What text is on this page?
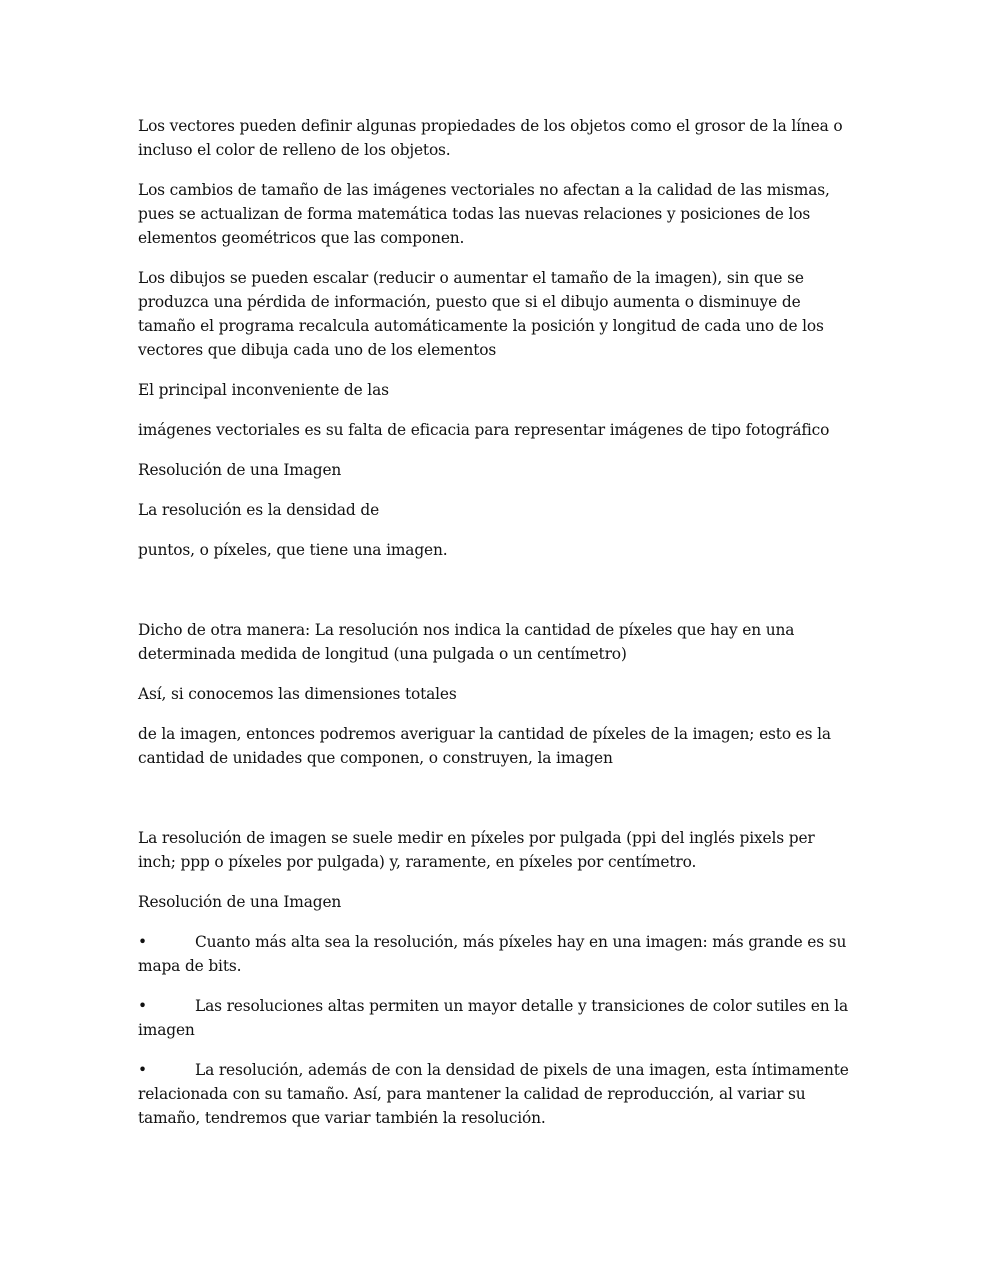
Los vectores pueden definir algunas propiedades de los objetos como el grosor de la línea o incluso el color de relleno de los objetos.

Los cambios de tamaño de las imágenes vectoriales no afectan a la calidad de las mismas, pues se actualizan de forma matemática todas las nuevas relaciones y posiciones de los elementos geométricos que las componen.

Los dibujos se pueden escalar (reducir o aumentar el tamaño de la imagen), sin que se produzca una pérdida de información, puesto que si el dibujo aumenta o disminuye de tamaño el programa recalcula automáticamente la posición y longitud de cada uno de los vectores que dibuja cada uno de los elementos

El principal inconveniente de las

imágenes vectoriales es su falta de eficacia para representar imágenes de tipo fotográfico

Resolución de una Imagen

La resolución es la densidad de

puntos, o píxeles, que tiene una imagen.

Dicho de otra manera: La resolución nos indica la cantidad de píxeles que hay en una determinada medida de longitud (una pulgada o un centímetro)

Así, si conocemos las dimensiones totales

de la imagen, entonces podremos averiguar la cantidad de píxeles de la imagen; esto es la cantidad de unidades que componen, o construyen, la imagen

La resolución de imagen se suele medir en píxeles por pulgada (ppi del inglés pixels per inch; ppp o píxeles por pulgada) y, raramente, en píxeles por centímetro.

Resolución de una Imagen

•	Cuanto más alta sea la resolución, más píxeles hay en una imagen: más grande es su mapa de bits.

•	Las resoluciones altas permiten un mayor detalle y transiciones de color sutiles en la imagen

•	La resolución, además de con la densidad de pixels de una imagen, esta íntimamente relacionada con su tamaño. Así, para mantener la calidad de reproducción, al variar su tamaño, tendremos que variar también la resolución.
